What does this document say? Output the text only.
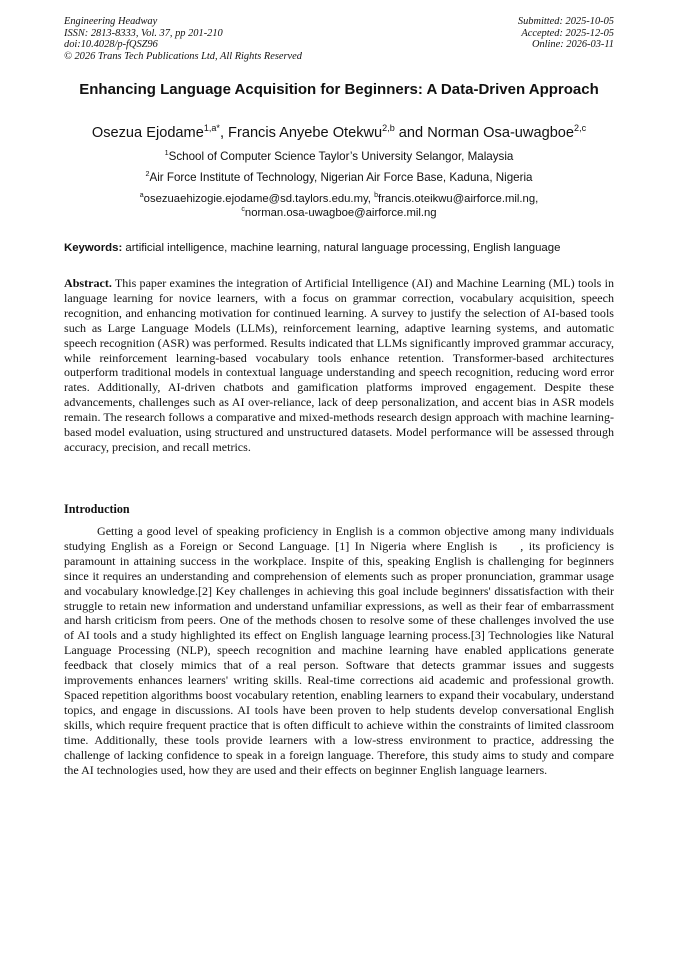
Engineering Headway
ISSN: 2813-8333, Vol. 37, pp 201-210
doi:10.4028/p-fQSZ96
© 2026 Trans Tech Publications Ltd, All Rights Reserved
Submitted: 2025-10-05
Accepted: 2025-12-05
Online: 2026-03-11
Enhancing Language Acquisition for Beginners: A Data-Driven Approach
Osezua Ejodame$^{1,a*}$, Francis Anyebe Otekwu$^{2,b}$ and Norman Osa-uwagboe$^{2,c}$
$^1$School of Computer Science Taylor’s University Selangor, Malaysia
$^2$Air Force Institute of Technology, Nigerian Air Force Base, Kaduna, Nigeria
$^a$osezuaehizogie.ejodame@sd.taylors.edu.my, $^b$francis.oteikwu@airforce.mil.ng,
$^c$norman.osa-uwagboe@airforce.mil.ng
Keywords: artificial intelligence, machine learning, natural language processing, English language
Abstract. This paper examines the integration of Artificial Intelligence (AI) and Machine Learning (ML) tools in language learning for novice learners, with a focus on grammar correction, vocabulary acquisition, speech recognition, and enhancing motivation for continued learning. A survey to justify the selection of AI-based tools such as Large Language Models (LLMs), reinforcement learning, adaptive learning systems, and automatic speech recognition (ASR) was performed. Results indicated that LLMs significantly improved grammar accuracy, while reinforcement learning-based vocabulary tools enhance retention. Transformer-based architectures outperform traditional models in contextual language understanding and speech recognition, reducing word error rates. Additionally, AI-driven chatbots and gamification platforms improved engagement. Despite these advancements, challenges such as AI over-reliance, lack of deep personalization, and accent bias in ASR models remain. The research follows a comparative and mixed-methods research design approach with machine learning-based model evaluation, using structured and unstructured datasets. Model performance will be assessed through accuracy, precision, and recall metrics.
Introduction
Getting a good level of speaking proficiency in English is a common objective among many individuals studying English as a Foreign or Second Language. [1] In Nigeria where English is   , its proficiency is paramount in attaining success in the workplace. Inspite of this, speaking English is challenging for beginners since it requires an understanding and comprehension of elements such as proper pronunciation, grammar usage and vocabulary knowledge.[2] Key challenges in achieving this goal include beginners' dissatisfaction with their struggle to retain new information and understand unfamiliar expressions, as well as their fear of embarrassment and harsh criticism from peers. One of the methods chosen to resolve some of these challenges involved the use of AI tools and a study highlighted its effect on English language learning process.[3] Technologies like Natural Language Processing (NLP), speech recognition and machine learning have enabled applications generate feedback that closely mimics that of a real person. Software that detects grammar issues and suggests improvements enhances learners' writing skills. Real-time corrections aid academic and professional growth. Spaced repetition algorithms boost vocabulary retention, enabling learners to expand their vocabulary, understand topics, and engage in discussions. AI tools have been proven to help students develop conversational English skills, which require frequent practice that is often difficult to achieve within the constraints of limited classroom time. Additionally, these tools provide learners with a low-stress environment to practice, addressing the challenge of lacking confidence to speak in a foreign language. Therefore, this study aims to study and compare the AI technologies used, how they are used and their effects on beginner English language learners.
